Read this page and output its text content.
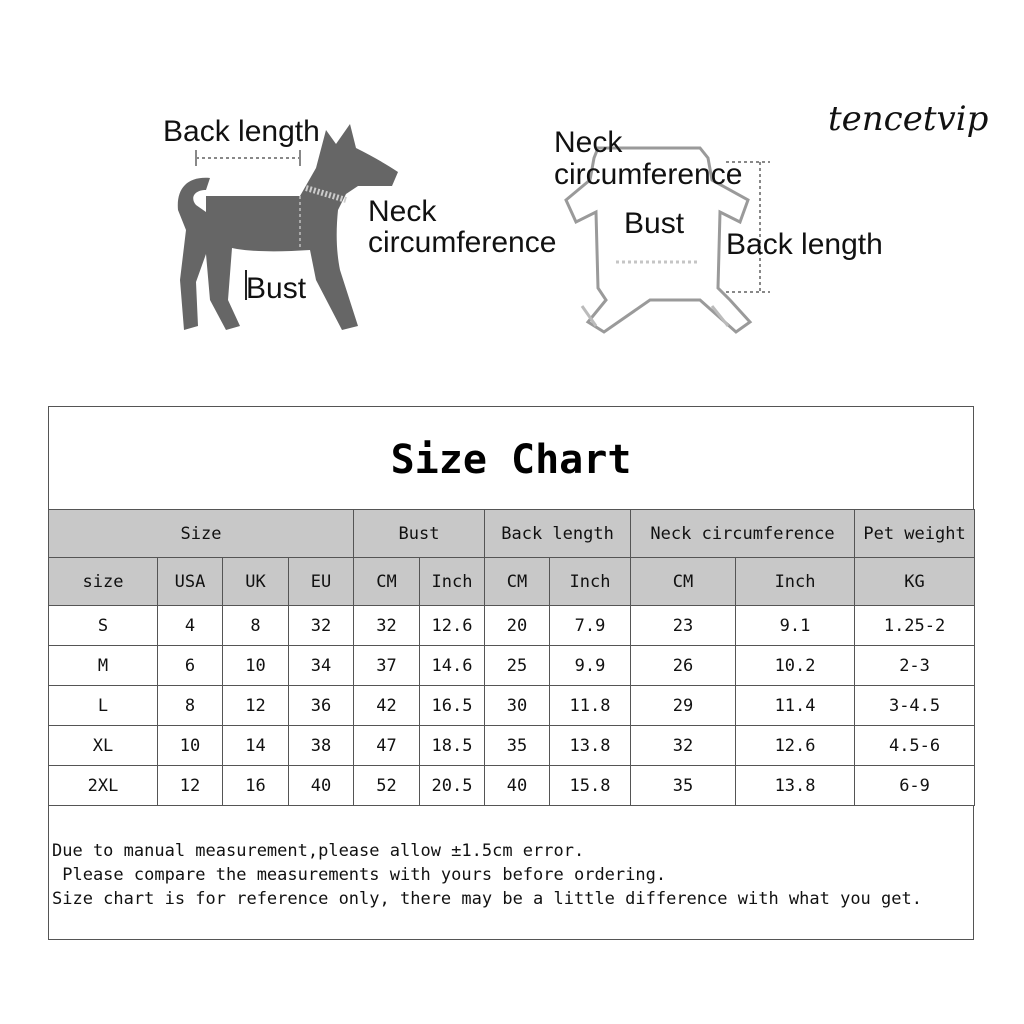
Back length
Neck
circumference
Bust
Neck
circumference
Bust
Back length
tencetvip
Size Chart
Size				Bust		Back length		Neck circumference		Pet weight
size	USA	UK	EU	CM	Inch	CM	Inch	CM	Inch	KG
S	4	8	32	32	12.6	20	7.9	23	9.1	1.25-2
M	6	10	34	37	14.6	25	9.9	26	10.2	2-3
L	8	12	36	42	16.5	30	11.8	29	11.4	3-4.5
XL	10	14	38	47	18.5	35	13.8	32	12.6	4.5-6
2XL	12	16	40	52	20.5	40	15.8	35	13.8	6-9
Due to manual measurement,please allow ±1.5cm error.
Please compare the measurements with yours before ordering.
Size chart is for reference only, there may be a little difference with what you get.
